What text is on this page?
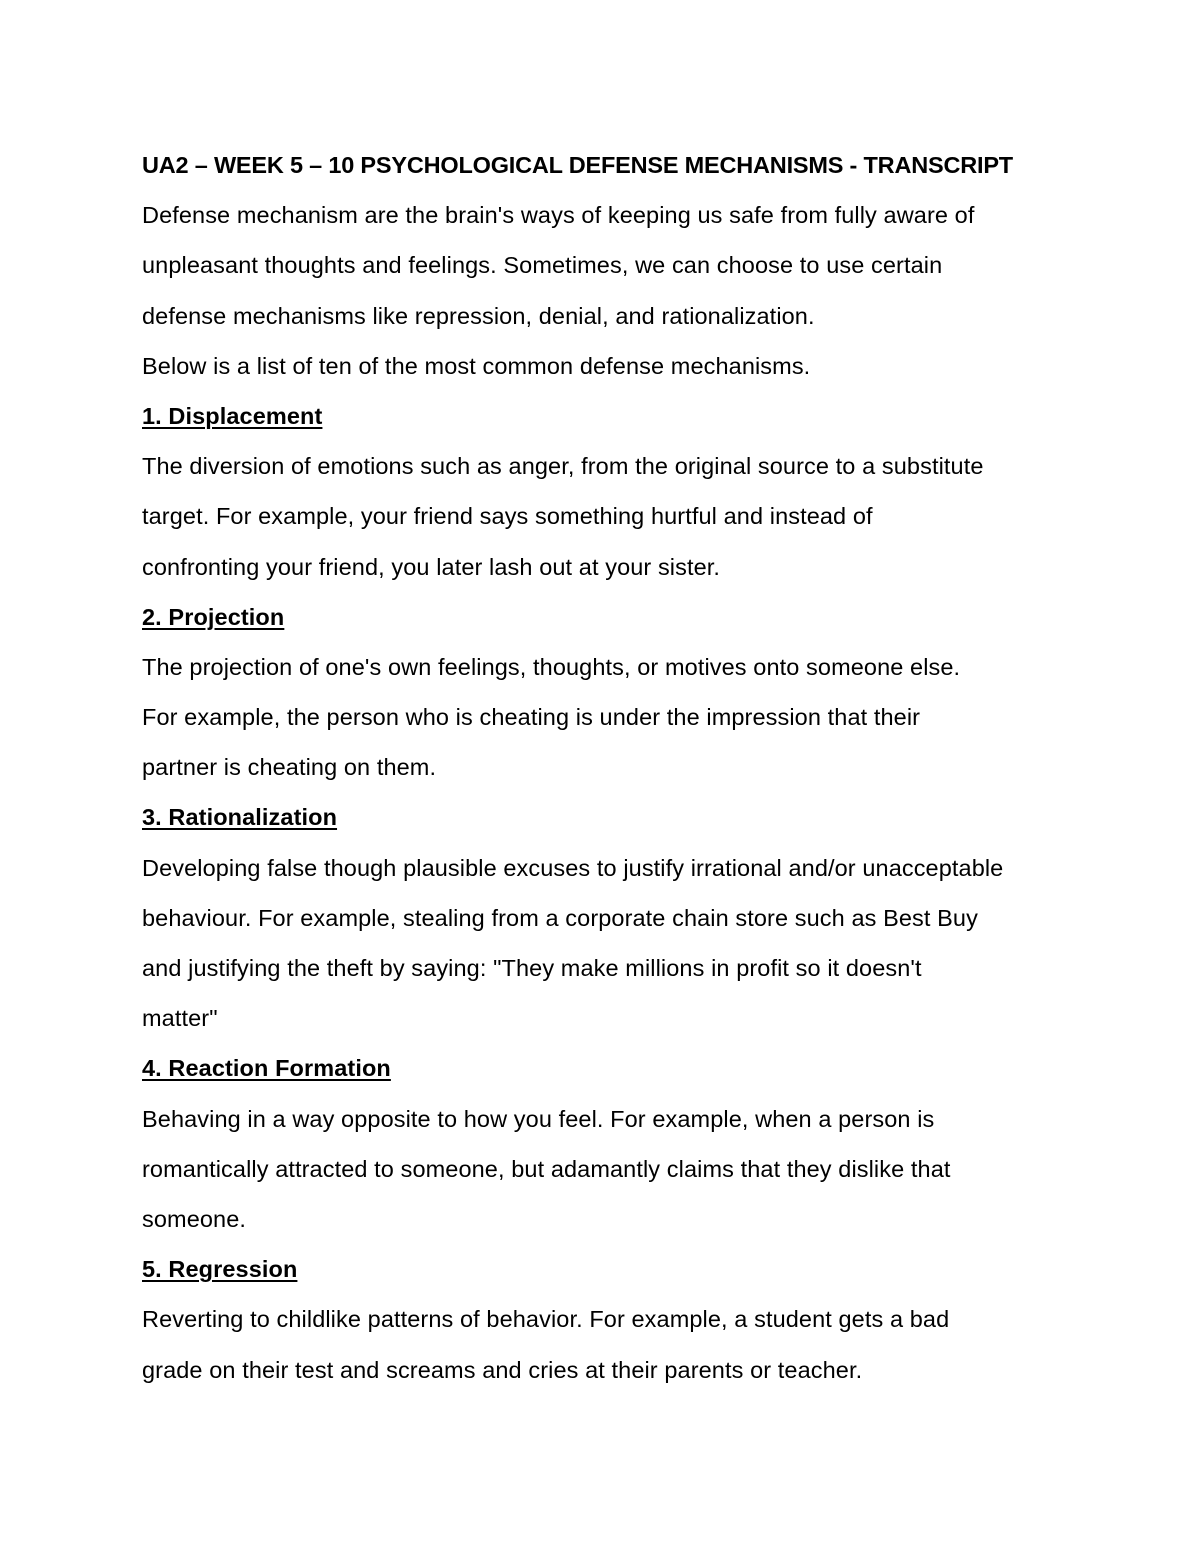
UA2 – WEEK 5 – 10 PSYCHOLOGICAL DEFENSE MECHANISMS - TRANSCRIPT
Defense mechanism are the brain's ways of keeping us safe from fully aware of
unpleasant thoughts and feelings. Sometimes, we can choose to use certain
defense mechanisms like repression, denial, and rationalization.
Below is a list of ten of the most common defense mechanisms.
1. Displacement
The diversion of emotions such as anger, from the original source to a substitute
target. For example, your friend says something hurtful and instead of
confronting your friend, you later lash out at your sister.
2. Projection
The projection of one's own feelings, thoughts, or motives onto someone else.
For example, the person who is cheating is under the impression that their
partner is cheating on them.
3. Rationalization
Developing false though plausible excuses to justify irrational and/or unacceptable
behaviour. For example, stealing from a corporate chain store such as Best Buy
and justifying the theft by saying: "They make millions in profit so it doesn't
matter"
4. Reaction Formation
Behaving in a way opposite to how you feel. For example, when a person is
romantically attracted to someone, but adamantly claims that they dislike that
someone.
5. Regression
Reverting to childlike patterns of behavior. For example, a student gets a bad
grade on their test and screams and cries at their parents or teacher.
